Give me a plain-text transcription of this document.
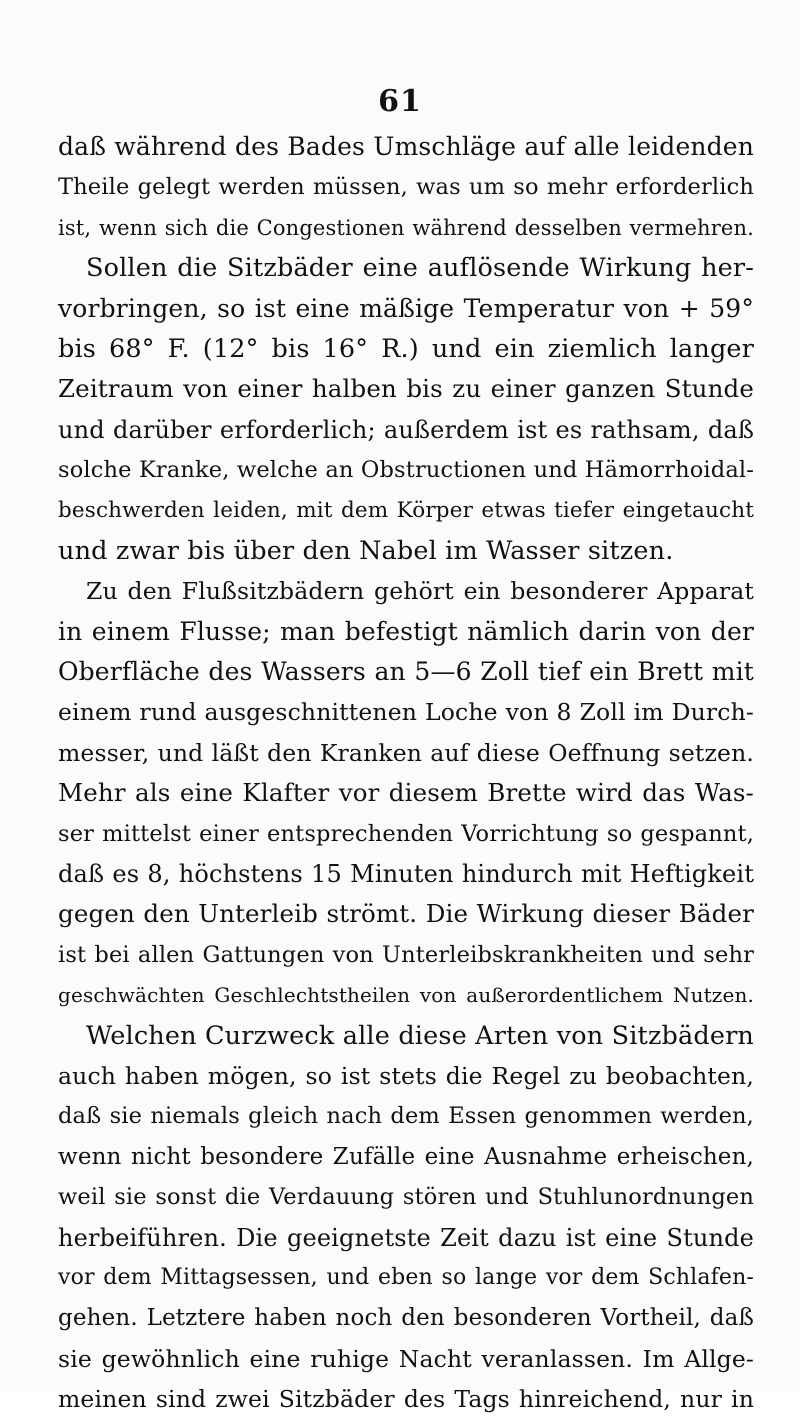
61
daß während des Bades Umschläge auf alle leidenden
Theile gelegt werden müssen, was um so mehr erforderlich
ist, wenn sich die Congestionen während desselben vermehren.
Sollen die Sitzbäder eine auflösende Wirkung her-
vorbringen, so ist eine mäßige Temperatur von + 59°
bis 68° F. (12° bis 16° R.) und ein ziemlich langer
Zeitraum von einer halben bis zu einer ganzen Stunde
und darüber erforderlich; außerdem ist es rathsam, daß
solche Kranke, welche an Obstructionen und Hämorrhoidal-
beschwerden leiden, mit dem Körper etwas tiefer eingetaucht
und zwar bis über den Nabel im Wasser sitzen.
Zu den Flußsitzbädern gehört ein besonderer Apparat
in einem Flusse; man befestigt nämlich darin von der
Oberfläche des Wassers an 5—6 Zoll tief ein Brett mit
einem rund ausgeschnittenen Loche von 8 Zoll im Durch-
messer, und läßt den Kranken auf diese Oeffnung setzen.
Mehr als eine Klafter vor diesem Brette wird das Was-
ser mittelst einer entsprechenden Vorrichtung so gespannt,
daß es 8, höchstens 15 Minuten hindurch mit Heftigkeit
gegen den Unterleib strömt. Die Wirkung dieser Bäder
ist bei allen Gattungen von Unterleibskrankheiten und sehr
geschwächten Geschlechtstheilen von außerordentlichem Nutzen.
Welchen Curzweck alle diese Arten von Sitzbädern
auch haben mögen, so ist stets die Regel zu beobachten,
daß sie niemals gleich nach dem Essen genommen werden,
wenn nicht besondere Zufälle eine Ausnahme erheischen,
weil sie sonst die Verdauung stören und Stuhlunordnungen
herbeiführen. Die geeignetste Zeit dazu ist eine Stunde
vor dem Mittagsessen, und eben so lange vor dem Schlafen-
gehen. Letztere haben noch den besonderen Vortheil, daß
sie gewöhnlich eine ruhige Nacht veranlassen. Im Allge-
meinen sind zwei Sitzbäder des Tags hinreichend, nur in
